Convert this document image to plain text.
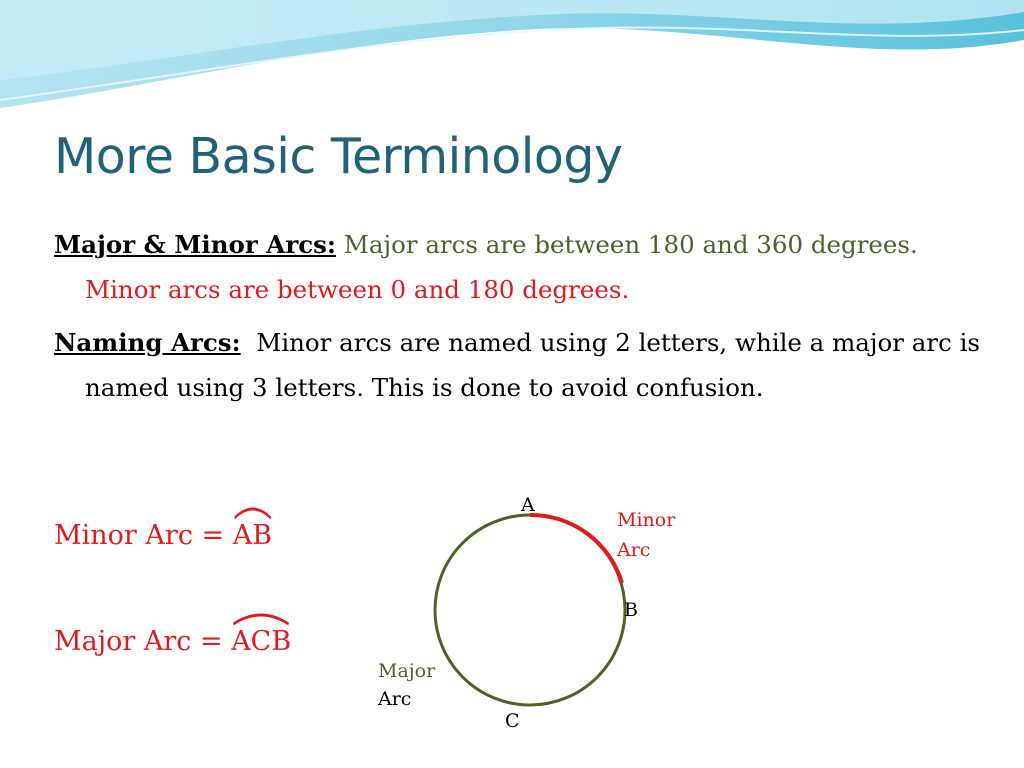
More Basic Terminology

Major & Minor Arcs: Major arcs are between 180 and 360 degrees.  Minor arcs are between 0 and 180 degrees.

Naming Arcs: Minor arcs are named using 2 letters, while a major arc is named using 3 letters. This is done to avoid confusion.

Minor Arc =
AB

Major Arc =
ACB

A

B

C

Minor
Arc

Major
Arc
